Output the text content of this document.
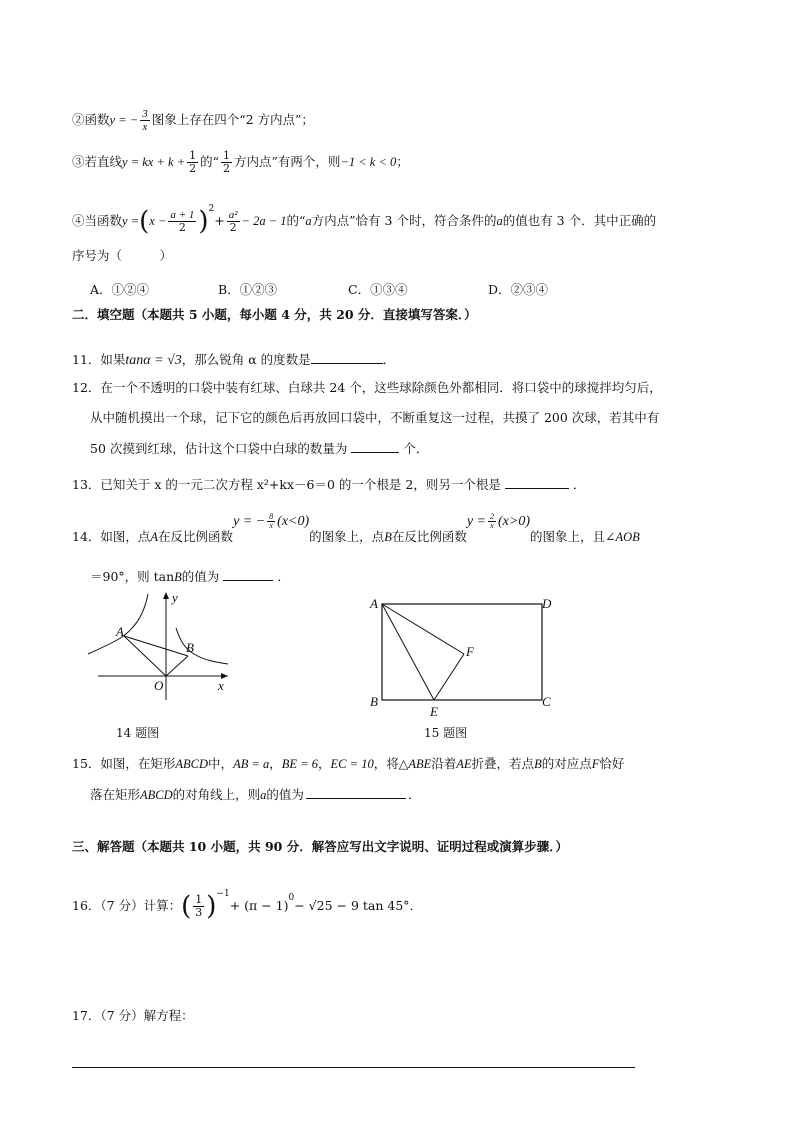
②函数y = − $\frac{3}{x}$ 图象上存在四个“2 方内点”；
③若直线y = kx + $k + \frac{1}{2}$ 的“ $\frac{1}{2}$ 方内点”有两个，则−1 < k < 0；
④当函数$y =(x - \frac{a + 1}{2} )^2+ \frac{\text{a²}}{2} - 2a - 1$的“a方内点”恰有 3 个时，符合条件的a的值也有 3 个．其中正确的
序号为（　　　）
A．①②④	B．①②③	C．①③④	D．②③④
二．填空题（本题共 5 小题，每小题 4 分，共 20 分．直接填写答案．）
11．如果tanα = √3，那么锐角 α 的度数是	．
12．在一个不透明的口袋中装有红球、白球共 24 个，这些球除颜色外都相同．将口袋中的球搅拌均匀后，
从中随机摸出一个球，记下它的颜色后再放回口袋中，不断重复这一过程，共摸了 200 次球，若其中有
50 次摸到红球，估计这个口袋中白球的数量为	个．
13．已知关于 x 的一元二次方程 x²+kx－6＝0 的一个根是 2，则另一个根是	．
14．如图，点A在反比例函数y = − $\frac{8}{x} (x<0)$的图象上，点B在反比例函数$y = \frac{2}{x} (x>0)$的图象上，且∠AOB
＝90°，则 tanB的值为	．
A
B
O	x
y
14 题图
A	D
B	C
E
F
15 题图
15．如图，在矩形ABCD中，AB = a，BE = 6，EC = 10，将△ABE沿着AE折叠，若点B的对应点F恰好
落在矩形ABCD的对角线上，则a的值为	．
三、解答题（本题共 10 小题，共 90 分．解答应写出文字说明、证明过程或演算步骤．）
16．（7 分）计算：( $\frac{1}{3} )^{-1}+ (\pi - 1)^0- √25 - 9$ tan 45°．
17．（7 分）解方程：
